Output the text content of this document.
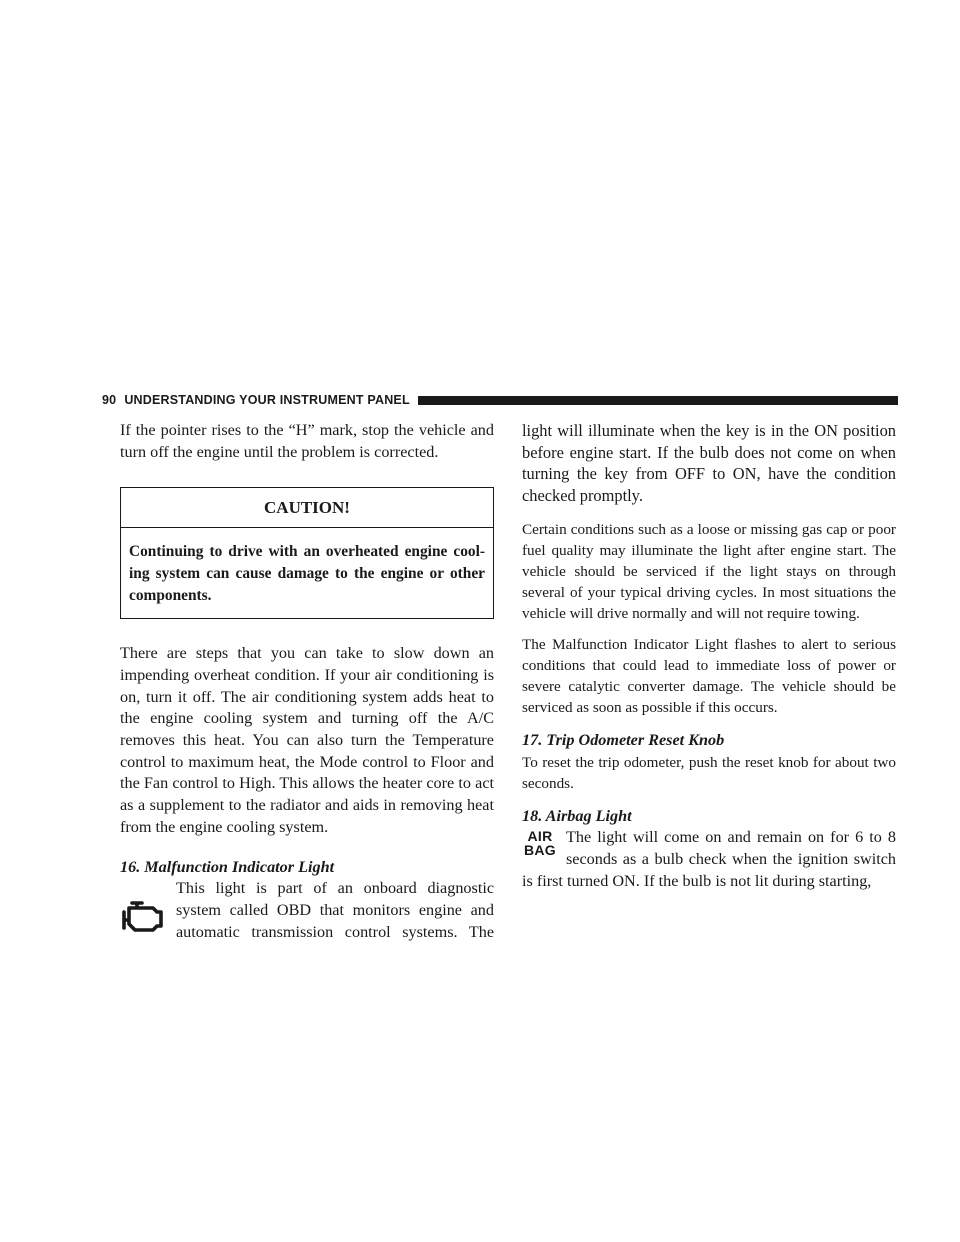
90 UNDERSTANDING YOUR INSTRUMENT PANEL

If the pointer rises to the “H” mark, stop the vehicle and turn off the engine until the problem is corrected.

CAUTION!
Continuing to drive with an overheated engine cool- ing system can cause damage to the engine or other components.

There are steps that you can take to slow down an impending overheat condition. If your air conditioning is on, turn it off. The air conditioning system adds heat to the engine cooling system and turning off the A/C removes this heat. You can also turn the Temperature control to maximum heat, the Mode control to Floor and the Fan control to High. This allows the heater core to act as a supplement to the radiator and aids in removing heat from the engine cooling system.

16. Malfunction Indicator Light

This light is part of an onboard diagnostic

system called OBD that monitors engine and

automatic transmission control systems. The

light will illuminate when the key is in the ON position before engine start. If the bulb does not come on when turning the key from OFF to ON, have the condition checked promptly.

Certain conditions such as a loose or missing gas cap or poor fuel quality may illuminate the light after engine start. The vehicle should be serviced if the light stays on through several of your typical driving cycles. In most situations the vehicle will drive normally and will not require towing.

The Malfunction Indicator Light flashes to alert to serious conditions that could lead to immediate loss of power or severe catalytic converter damage. The vehicle should be serviced as soon as possible if this occurs.

17. Trip Odometer Reset Knob

To reset the trip odometer, push the reset knob for about two seconds.

18. Airbag Light

AIR
BAG

The light will come on and remain on for 6 to 8 seconds as a bulb check when the ignition switch is first turned ON. If the bulb is not lit during starting,
